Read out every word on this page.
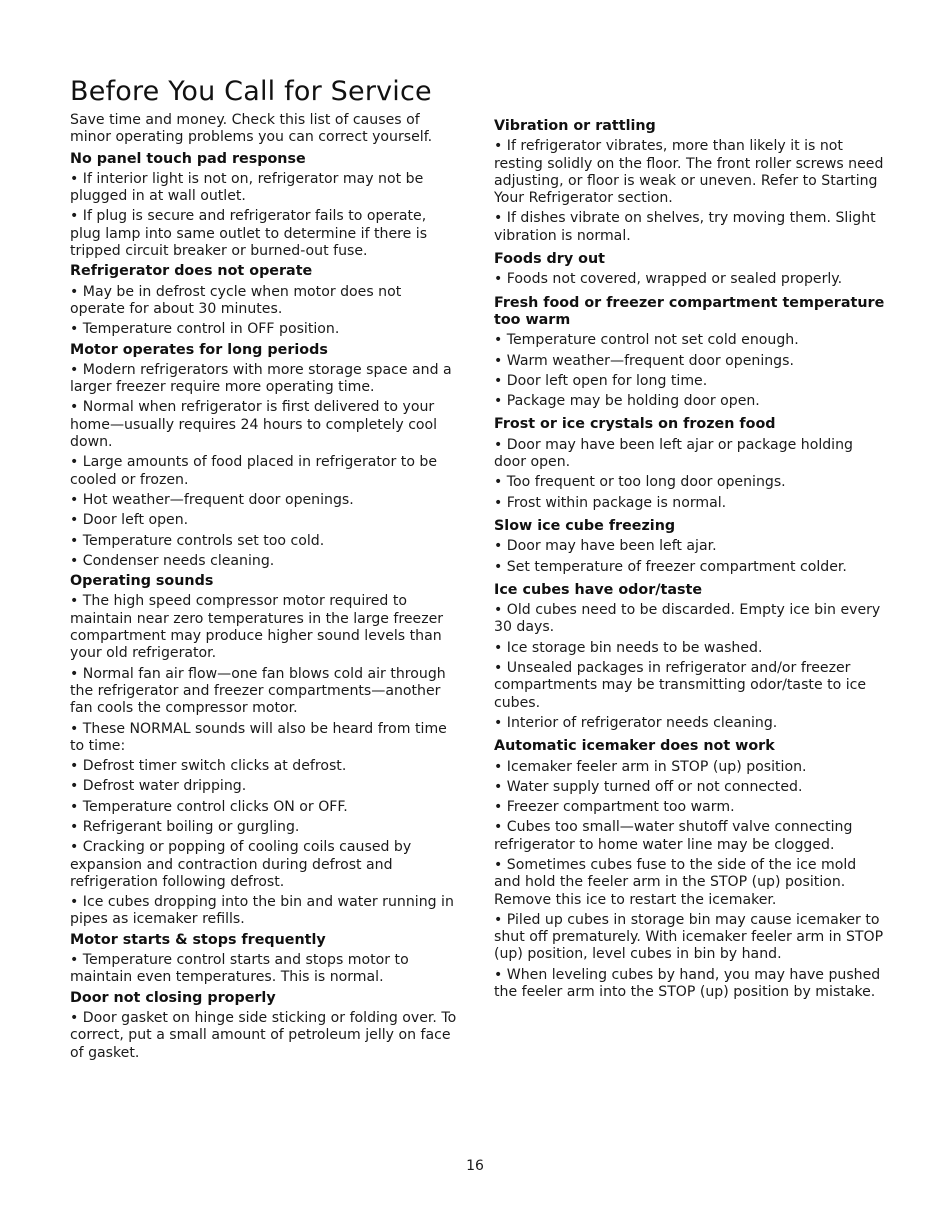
Before You Call for Service

Save time and money. Check this list of causes of minor operating problems you can correct yourself.

No panel touch pad response
• If interior light is not on, refrigerator may not be plugged in at wall outlet.
• If plug is secure and refrigerator fails to operate, plug lamp into same outlet to determine if there is tripped circuit breaker or burned-out fuse.
Refrigerator does not operate
• May be in defrost cycle when motor does not operate for about 30 minutes.
• Temperature control in OFF position.
Motor operates for long periods
• Modern refrigerators with more storage space and a larger freezer require more operating time.
• Normal when refrigerator is first delivered to your home—usually requires 24 hours to completely cool down.
• Large amounts of food placed in refrigerator to be cooled or frozen.
• Hot weather—frequent door openings.
• Door left open.
• Temperature controls set too cold.
• Condenser needs cleaning.
Operating sounds
• The high speed compressor motor required to maintain near zero temperatures in the large freezer compartment may produce higher sound levels than your old refrigerator.
• Normal fan air flow—one fan blows cold air through the refrigerator and freezer compartments—another fan cools the compressor motor.
• These NORMAL sounds will also be heard from time to time:
• Defrost timer switch clicks at defrost.
• Defrost water dripping.
• Temperature control clicks ON or OFF.
• Refrigerant boiling or gurgling.
• Cracking or popping of cooling coils caused by expansion and contraction during defrost and refrigeration following defrost.
• Ice cubes dropping into the bin and water running in pipes as icemaker refills.
Motor starts & stops frequently
• Temperature control starts and stops motor to maintain even temperatures. This is normal.
Door not closing properly
• Door gasket on hinge side sticking or folding over. To correct, put a small amount of petroleum jelly on face of gasket.
Vibration or rattling
• If refrigerator vibrates, more than likely it is not resting solidly on the floor. The front roller screws need adjusting, or floor is weak or uneven. Refer to Starting Your Refrigerator section.
• If dishes vibrate on shelves, try moving them. Slight vibration is normal.
Foods dry out
• Foods not covered, wrapped or sealed properly.
Fresh food or freezer compartment temperature too warm
• Temperature control not set cold enough.
• Warm weather—frequent door openings.
• Door left open for long time.
• Package may be holding door open.
Frost or ice crystals on frozen food
• Door may have been left ajar or package holding door open.
• Too frequent or too long door openings.
• Frost within package is normal.
Slow ice cube freezing
• Door may have been left ajar.
• Set temperature of freezer compartment colder.
Ice cubes have odor/taste
• Old cubes need to be discarded. Empty ice bin every 30 days.
• Ice storage bin needs to be washed.
• Unsealed packages in refrigerator and/or freezer compartments may be transmitting odor/taste to ice cubes.
• Interior of refrigerator needs cleaning.
Automatic icemaker does not work
• Icemaker feeler arm in STOP (up) position.
• Water supply turned off or not connected.
• Freezer compartment too warm.
• Cubes too small—water shutoff valve connecting refrigerator to home water line may be clogged.
• Sometimes cubes fuse to the side of the ice mold and hold the feeler arm in the STOP (up) position. Remove this ice to restart the icemaker.
• Piled up cubes in storage bin may cause icemaker to shut off prematurely. With icemaker feeler arm in STOP (up) position, level cubes in bin by hand.
• When leveling cubes by hand, you may have pushed the feeler arm into the STOP (up) position by mistake.
16
